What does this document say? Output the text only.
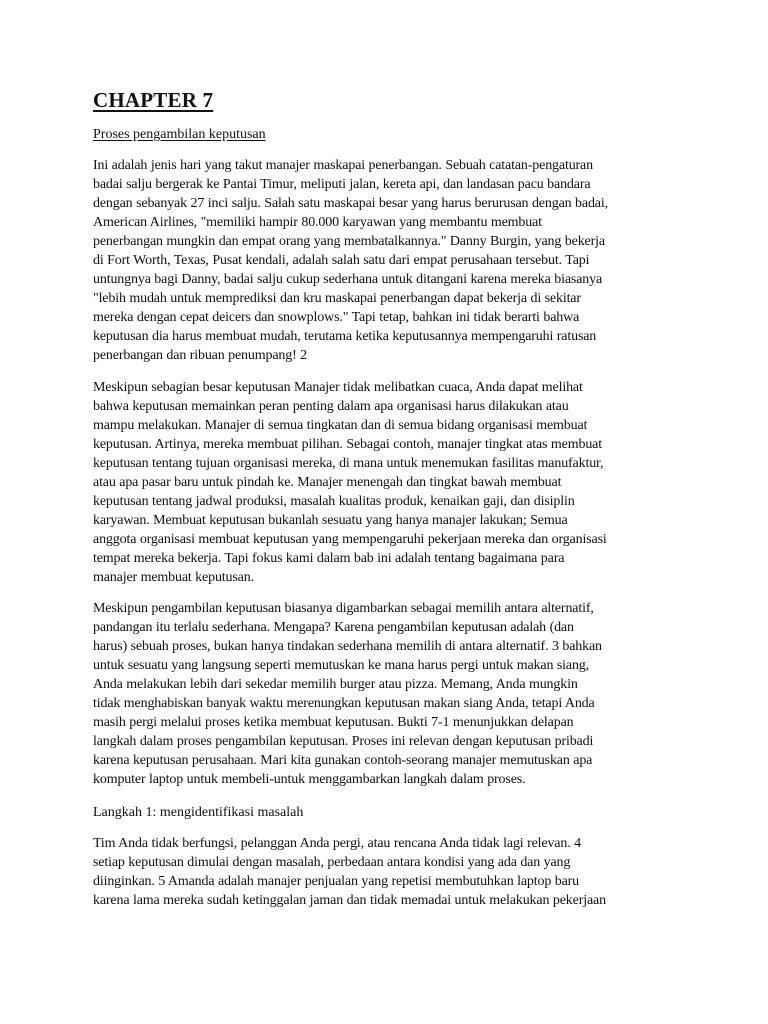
CHAPTER 7

Proses pengambilan keputusan

Ini adalah jenis hari yang takut manajer maskapai penerbangan. Sebuah catatan-pengaturan
badai salju bergerak ke Pantai Timur, meliputi jalan, kereta api, dan landasan pacu bandara
dengan sebanyak 27 inci salju. Salah satu maskapai besar yang harus berurusan dengan badai,
American Airlines, "memiliki hampir 80.000 karyawan yang membantu membuat
penerbangan mungkin dan empat orang yang membatalkannya." Danny Burgin, yang bekerja
di Fort Worth, Texas, Pusat kendali, adalah salah satu dari empat perusahaan tersebut. Tapi
untungnya bagi Danny, badai salju cukup sederhana untuk ditangani karena mereka biasanya
"lebih mudah untuk memprediksi dan kru maskapai penerbangan dapat bekerja di sekitar
mereka dengan cepat deicers dan snowplows." Tapi tetap, bahkan ini tidak berarti bahwa
keputusan dia harus membuat mudah, terutama ketika keputusannya mempengaruhi ratusan
penerbangan dan ribuan penumpang! 2

Meskipun sebagian besar keputusan Manajer tidak melibatkan cuaca, Anda dapat melihat
bahwa keputusan memainkan peran penting dalam apa organisasi harus dilakukan atau
mampu melakukan. Manajer di semua tingkatan dan di semua bidang organisasi membuat
keputusan. Artinya, mereka membuat pilihan. Sebagai contoh, manajer tingkat atas membuat
keputusan tentang tujuan organisasi mereka, di mana untuk menemukan fasilitas manufaktur,
atau apa pasar baru untuk pindah ke. Manajer menengah dan tingkat bawah membuat
keputusan tentang jadwal produksi, masalah kualitas produk, kenaikan gaji, dan disiplin
karyawan. Membuat keputusan bukanlah sesuatu yang hanya manajer lakukan; Semua
anggota organisasi membuat keputusan yang mempengaruhi pekerjaan mereka dan organisasi
tempat mereka bekerja. Tapi fokus kami dalam bab ini adalah tentang bagaimana para
manajer membuat keputusan.

Meskipun pengambilan keputusan biasanya digambarkan sebagai memilih antara alternatif,
pandangan itu terlalu sederhana. Mengapa? Karena pengambilan keputusan adalah (dan
harus) sebuah proses, bukan hanya tindakan sederhana memilih di antara alternatif. 3 bahkan
untuk sesuatu yang langsung seperti memutuskan ke mana harus pergi untuk makan siang,
Anda melakukan lebih dari sekedar memilih burger atau pizza. Memang, Anda mungkin
tidak menghabiskan banyak waktu merenungkan keputusan makan siang Anda, tetapi Anda
masih pergi melalui proses ketika membuat keputusan. Bukti 7-1 menunjukkan delapan
langkah dalam proses pengambilan keputusan. Proses ini relevan dengan keputusan pribadi
karena keputusan perusahaan. Mari kita gunakan contoh-seorang manajer memutuskan apa
komputer laptop untuk membeli-untuk menggambarkan langkah dalam proses.

Langkah 1: mengidentifikasi masalah

Tim Anda tidak berfungsi, pelanggan Anda pergi, atau rencana Anda tidak lagi relevan. 4
setiap keputusan dimulai dengan masalah, perbedaan antara kondisi yang ada dan yang
diinginkan. 5 Amanda adalah manajer penjualan yang repetisi membutuhkan laptop baru
karena lama mereka sudah ketinggalan jaman dan tidak memadai untuk melakukan pekerjaan
